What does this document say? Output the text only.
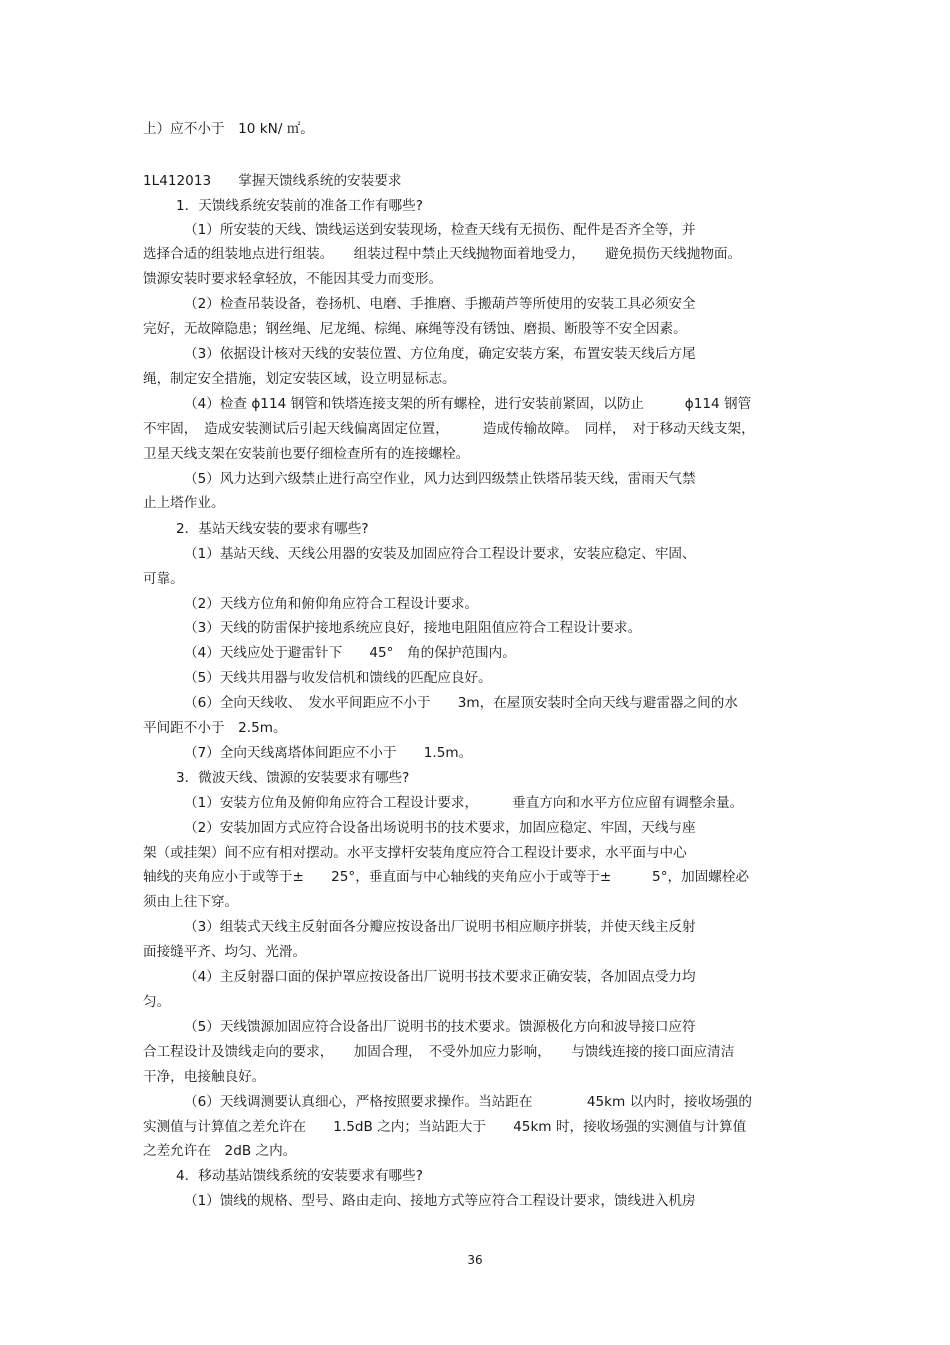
上）应不小于　10 kN/ ㎡。
1L412013　　掌握天馈线系统的安装要求
1．天馈线系统安装前的准备工作有哪些?
（1）所安装的天线、馈线运送到安装现场，检查天线有无损伤、配件是否齐全等，并
选择合适的组装地点进行组装。　　组装过程中禁止天线抛物面着地受力，　　避免损伤天线抛物面。
馈源安装时要求轻拿轻放，不能因其受力而变形。
（2）检查吊装设备，卷扬机、电磨、手推磨、手搬葫芦等所使用的安装工具必须安全
完好，无故障隐患；钢丝绳、尼龙绳、棕绳、麻绳等没有锈蚀、磨损、断股等不安全因素。
（3）依据设计核对天线的安装位置、方位角度，确定安装方案，布置安装天线后方尾
绳，制定安全措施，划定安装区域，设立明显标志。
（4）检查 ɸ114 钢管和铁塔连接支架的所有螺栓，进行安装前紧固，以防止　　　ɸ114 钢管
不牢固，　造成安装测试后引起天线偏离固定位置，　　　造成传输故障。　同样，　对于移动天线支架，
卫星天线支架在安装前也要仔细检查所有的连接螺栓。
（5）风力达到六级禁止进行高空作业，风力达到四级禁止铁塔吊装天线，雷雨天气禁
止上塔作业。
2．基站天线安装的要求有哪些?
（1）基站天线、天线公用器的安装及加固应符合工程设计要求，安装应稳定、牢固、
可靠。
（2）天线方位角和俯仰角应符合工程设计要求。
（3）天线的防雷保护接地系统应良好，接地电阻阻值应符合工程设计要求。
（4）天线应处于避雷针下　　45°　角的保护范围内。
（5）天线共用器与收发信机和馈线的匹配应良好。
（6）全向天线收、　发水平间距应不小于　　3m，在屋顶安装时全向天线与避雷器之间的水
平间距不小于　2.5m。
（7）全向天线离塔体间距应不小于　　1.5m。
3．微波天线、馈源的安装要求有哪些?
（1）安装方位角及俯仰角应符合工程设计要求，　　　垂直方向和水平方位应留有调整余量。
（2）安装加固方式应符合设备出场说明书的技术要求，加固应稳定、牢固，天线与座
架（或挂架）间不应有相对摆动。水平支撑杆安装角度应符合工程设计要求，水平面与中心
轴线的夹角应小于或等于±　　25°，垂直面与中心轴线的夹角应小于或等于±　　　5°，加固螺栓必
须由上往下穿。
（3）组装式天线主反射面各分瓣应按设备出厂说明书相应顺序拼装，并使天线主反射
面接缝平齐、均匀、光滑。
（4）主反射器口面的保护罩应按设备出厂说明书技术要求正确安装，各加固点受力均
匀。
（5）天线馈源加固应符合设备出厂说明书的技术要求。馈源极化方向和波导接口应符
合工程设计及馈线走向的要求，　　加固合理，　不受外加应力影响，　　与馈线连接的接口面应清洁
干净，电接触良好。
（6）天线调测要认真细心，严格按照要求操作。当站距在　　　　45km 以内时，接收场强的
实测值与计算值之差允许在　　1.5dB 之内；当站距大于　　45km 时，接收场强的实测值与计算值
之差允许在　2dB 之内。
4．移动基站馈线系统的安装要求有哪些?
（1）馈线的规格、型号、路由走向、接地方式等应符合工程设计要求，馈线进入机房
36
